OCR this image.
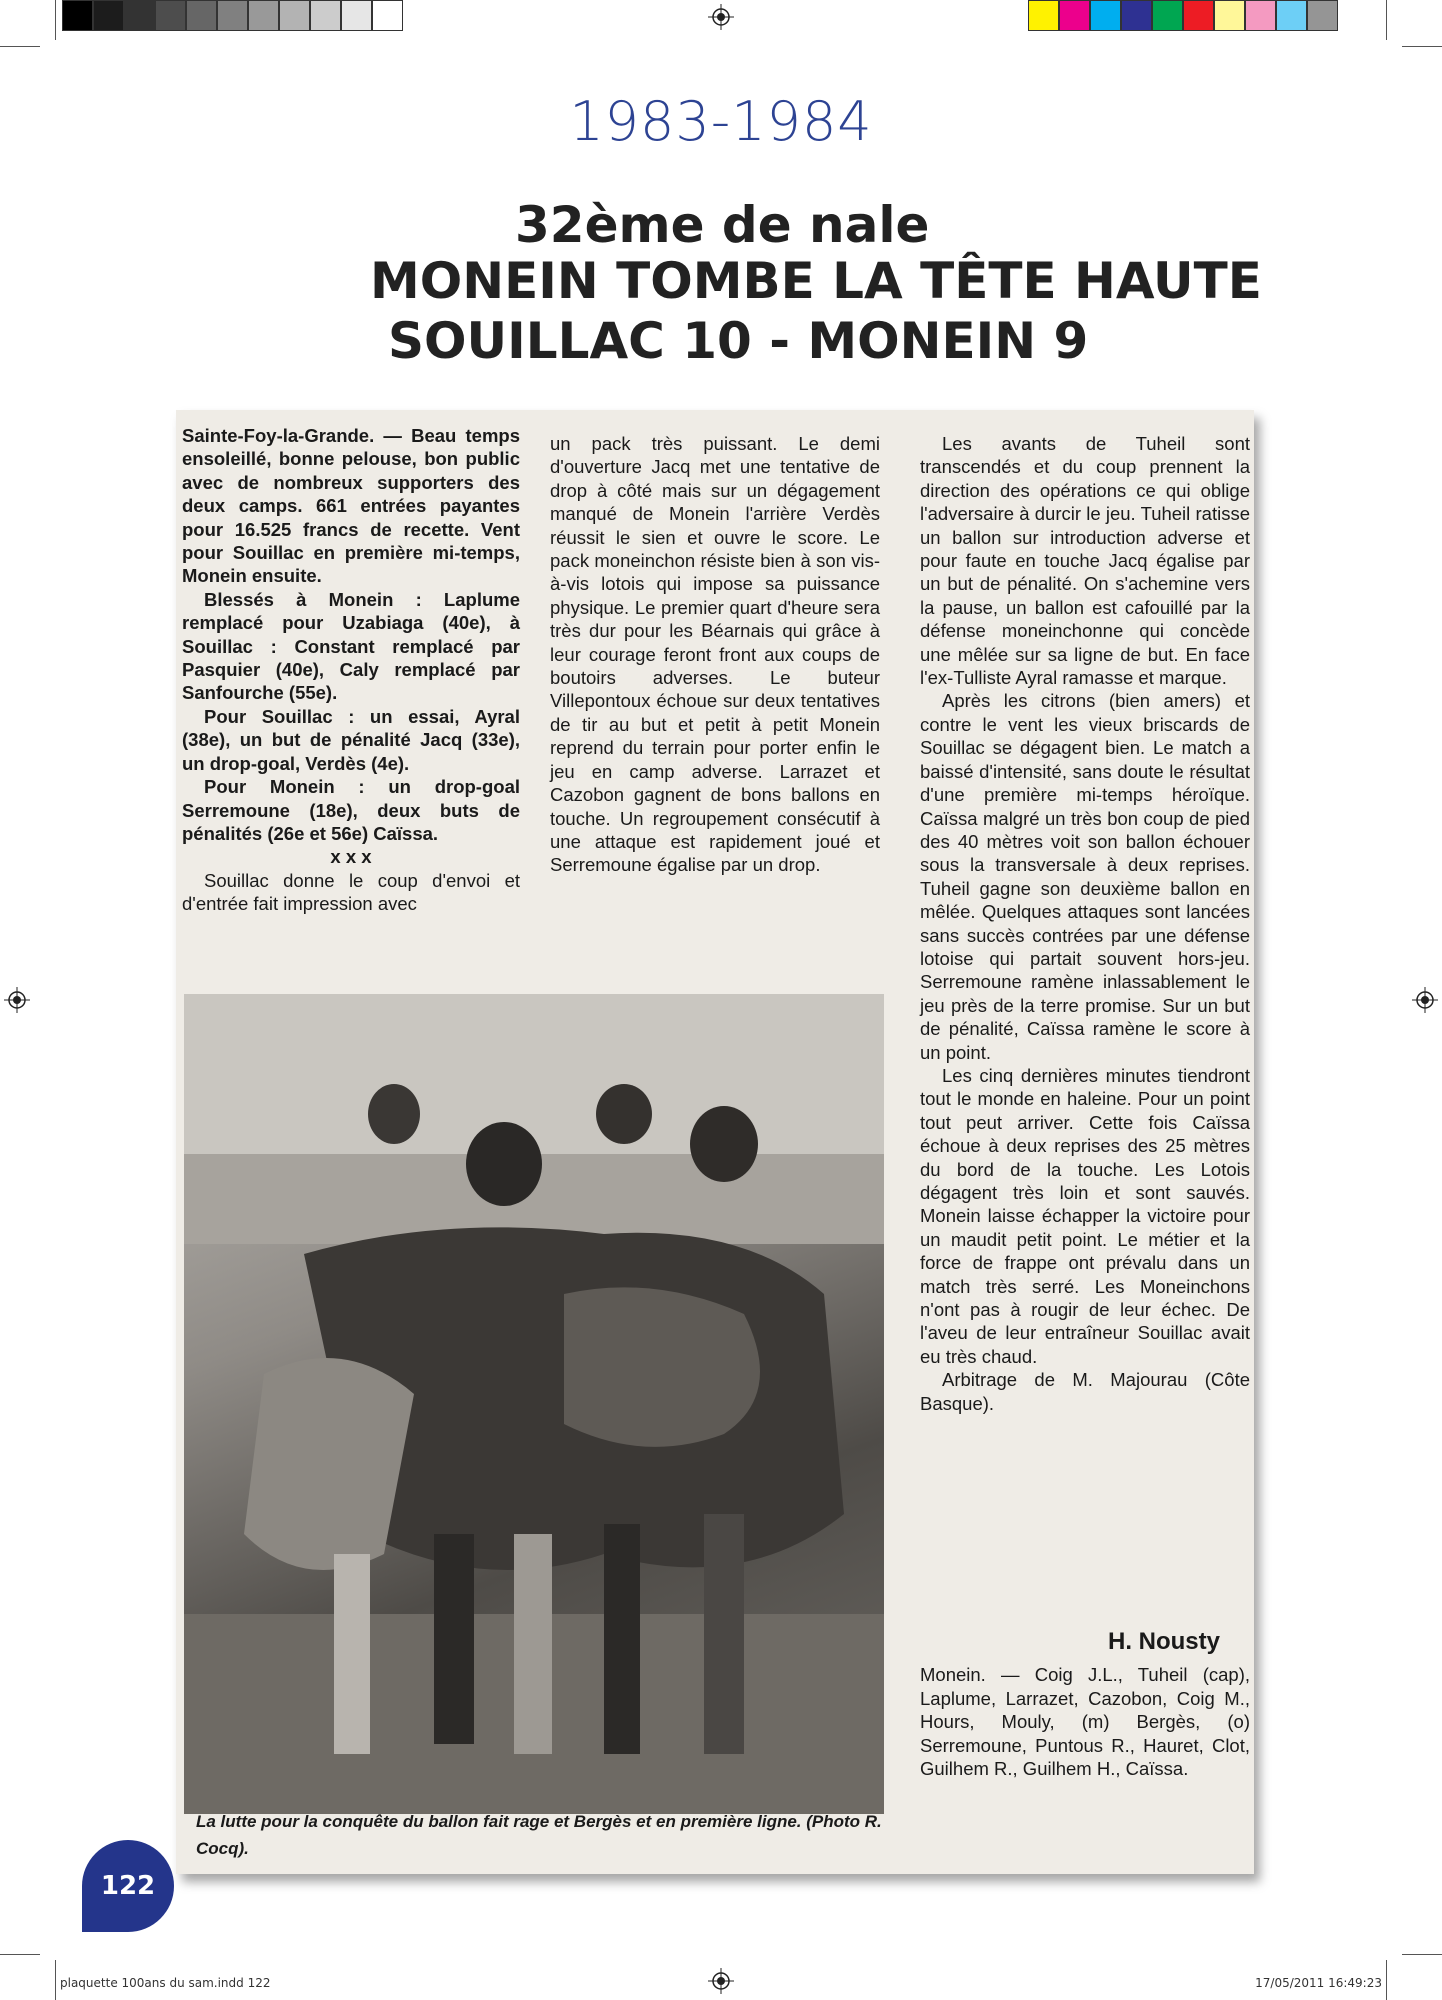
1983-1984
32ème de nale
MONEIN TOMBE LA TÊTE HAUTE
SOUILLAC 10 - MONEIN 9

Sainte-Foy-la-Grande. — Beau temps ensoleillé, bonne pelouse, bon public avec de nombreux supporters des deux camps. 661 entrées payantes pour 16.525 francs de recette. Vent pour Souillac en première mi-temps, Monein ensuite.

Blessés à Monein : Laplume remplacé pour Uzabiaga (40e), à Souillac : Constant remplacé par Pasquier (40e), Caly remplacé par Sanfourche (55e).

Pour Souillac : un essai, Ayral (38e), un but de pénalité Jacq (33e), un drop-goal, Verdès (4e).

Pour Monein : un drop-goal Serremoune (18e), deux buts de pénalités (26e et 56e) Caïssa.

x x x

Souillac donne le coup d'envoi et d'entrée fait impression avec

un pack très puissant. Le demi d'ouverture Jacq met une tentative de drop à côté mais sur un dégagement manqué de Monein l'arrière Verdès réussit le sien et ouvre le score. Le pack moneinchon résiste bien à son vis-à-vis lotois qui impose sa puissance physique. Le premier quart d'heure sera très dur pour les Béarnais qui grâce à leur courage feront front aux coups de boutoirs adverses. Le buteur Villepontoux échoue sur deux tentatives de tir au but et petit à petit Monein reprend du terrain pour porter enfin le jeu en camp adverse. Larrazet et Cazobon gagnent de bons ballons en touche. Un regroupement consécutif à une attaque est rapidement joué et Serremoune égalise par un drop.

Les avants de Tuheil sont transcendés et du coup prennent la direction des opérations ce qui oblige l'adversaire à durcir le jeu. Tuheil ratisse un ballon sur introduction adverse et pour faute en touche Jacq égalise par un but de pénalité. On s'achemine vers la pause, un ballon est cafouillé par la défense moneinchonne qui concède une mêlée sur sa ligne de but. En face l'ex-Tulliste Ayral ramasse et marque.

Après les citrons (bien amers) et contre le vent les vieux briscards de Souillac se dégagent bien. Le match a baissé d'intensité, sans doute le résultat d'une première mi-temps héroïque. Caïssa malgré un très bon coup de pied des 40 mètres voit son ballon échouer sous la transversale à deux reprises. Tuheil gagne son deuxième ballon en mêlée. Quelques attaques sont lancées sans succès contrées par une défense lotoise qui partait souvent hors-jeu. Serremoune ramène inlassablement le jeu près de la terre promise. Sur un but de pénalité, Caïssa ramène le score à un point.

Les cinq dernières minutes tiendront tout le monde en haleine. Pour un point tout peut arriver. Cette fois Caïssa échoue à deux reprises des 25 mètres du bord de la touche. Les Lotois dégagent très loin et sont sauvés. Monein laisse échapper la victoire pour un maudit petit point. Le métier et la force de frappe ont prévalu dans un match très serré. Les Moneinchons n'ont pas à rougir de leur échec. De l'aveu de leur entraîneur Souillac avait eu très chaud.

Arbitrage de M. Majourau (Côte Basque).

La lutte pour la conquête du ballon fait rage et Bergès et en première ligne. (Photo R. Cocq).
H. Nousty

Monein. — Coig J.L., Tuheil (cap), Laplume, Larrazet, Cazobon, Coig M., Hours, Mouly, (m) Bergès, (o) Serremoune, Puntous R., Hauret, Clot, Guilhem R., Guilhem H., Caïssa.

122
plaquette 100ans du sam.indd 122	17/05/2011 16:49:23
